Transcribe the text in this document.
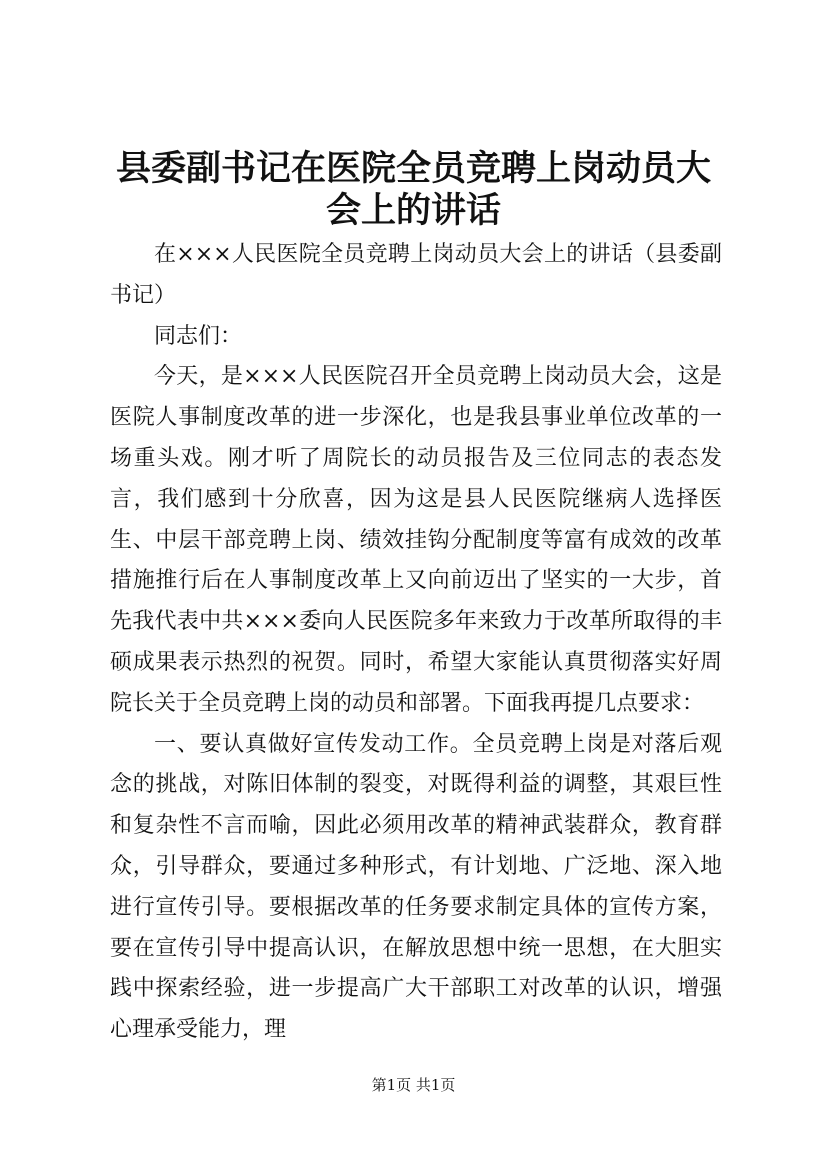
县委副书记在医院全员竞聘上岗动员大会上的讲话

在×××人民医院全员竞聘上岗动员大会上的讲话（县委副书记）

同志们：

今天，是×××人民医院召开全员竞聘上岗动员大会，这是医院人事制度改革的进一步深化，也是我县事业单位改革的一场重头戏。刚才听了周院长的动员报告及三位同志的表态发言，我们感到十分欣喜，因为这是县人民医院继病人选择医生、中层干部竞聘上岗、绩效挂钩分配制度等富有成效的改革措施推行后在人事制度改革上又向前迈出了坚实的一大步，首先我代表中共×××委向人民医院多年来致力于改革所取得的丰硕成果表示热烈的祝贺。同时，希望大家能认真贯彻落实好周院长关于全员竞聘上岗的动员和部署。下面我再提几点要求：

一、要认真做好宣传发动工作。全员竞聘上岗是对落后观念的挑战，对陈旧体制的裂变，对既得利益的调整，其艰巨性和复杂性不言而喻，因此必须用改革的精神武装群众，教育群众，引导群众，要通过多种形式，有计划地、广泛地、深入地进行宣传引导。要根据改革的任务要求制定具体的宣传方案，要在宣传引导中提高认识，在解放思想中统一思想，在大胆实践中探索经验，进一步提高广大干部职工对改革的认识，增强心理承受能力，理

第1页 共1页
